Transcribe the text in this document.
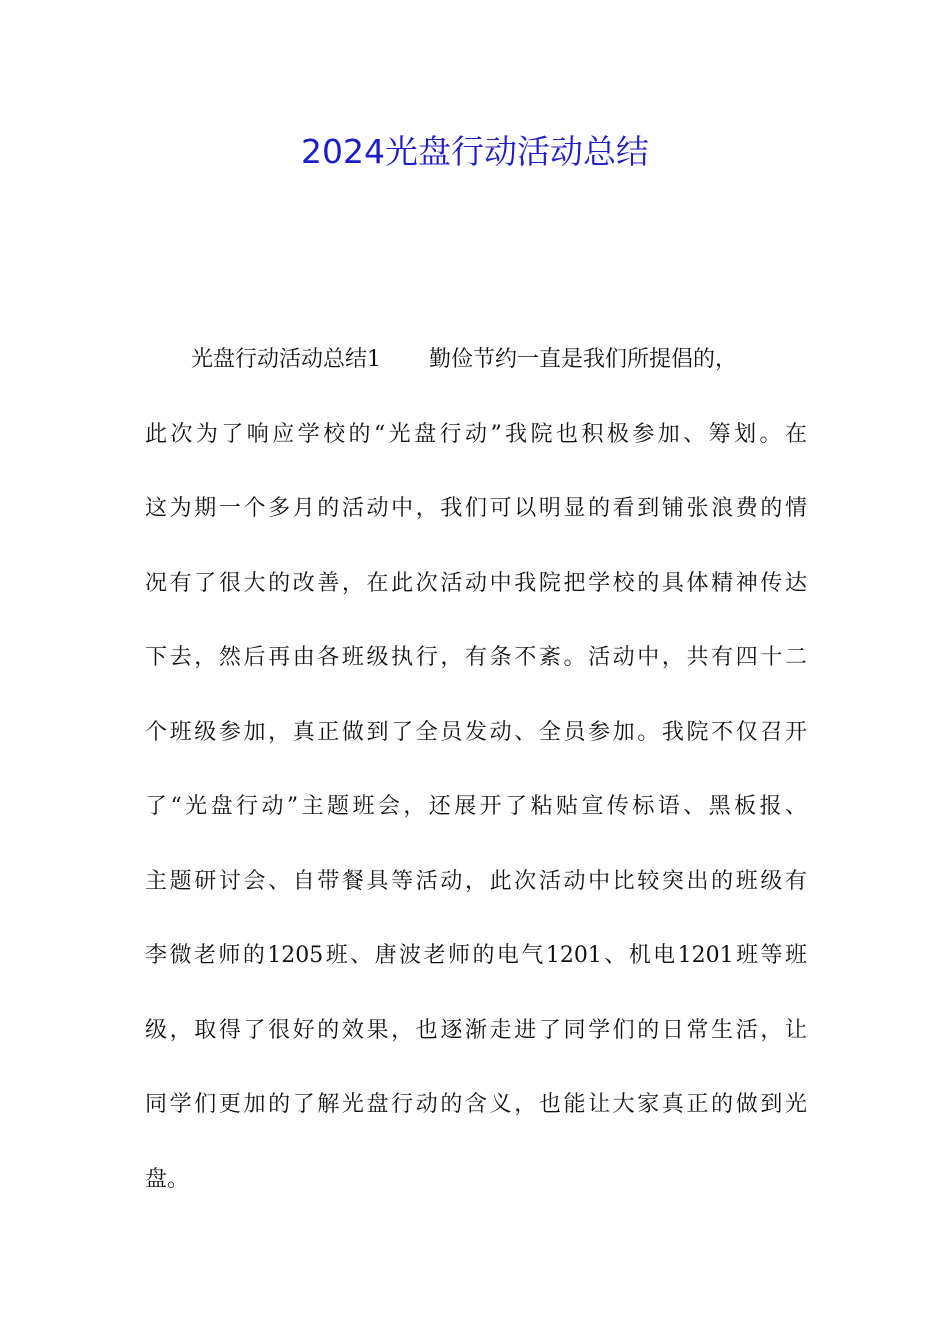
2024光盘行动活动总结
光盘行动活动总结1 勤俭节约一直是我们所提倡的，
此次为了响应学校的“光盘行动”我院也积极参加、筹划。在
这为期一个多月的活动中，我们可以明显的看到铺张浪费的情
况有了很大的改善，在此次活动中我院把学校的具体精神传达
下去，然后再由各班级执行，有条不紊。活动中，共有四十二
个班级参加，真正做到了全员发动、全员参加。我院不仅召开
了“光盘行动”主题班会，还展开了粘贴宣传标语、黑板报、
主题研讨会、自带餐具等活动，此次活动中比较突出的班级有
李微老师的1205班、唐波老师的电气1201、机电1201班等班
级，取得了很好的效果，也逐渐走进了同学们的日常生活，让
同学们更加的了解光盘行动的含义，也能让大家真正的做到光
盘。
